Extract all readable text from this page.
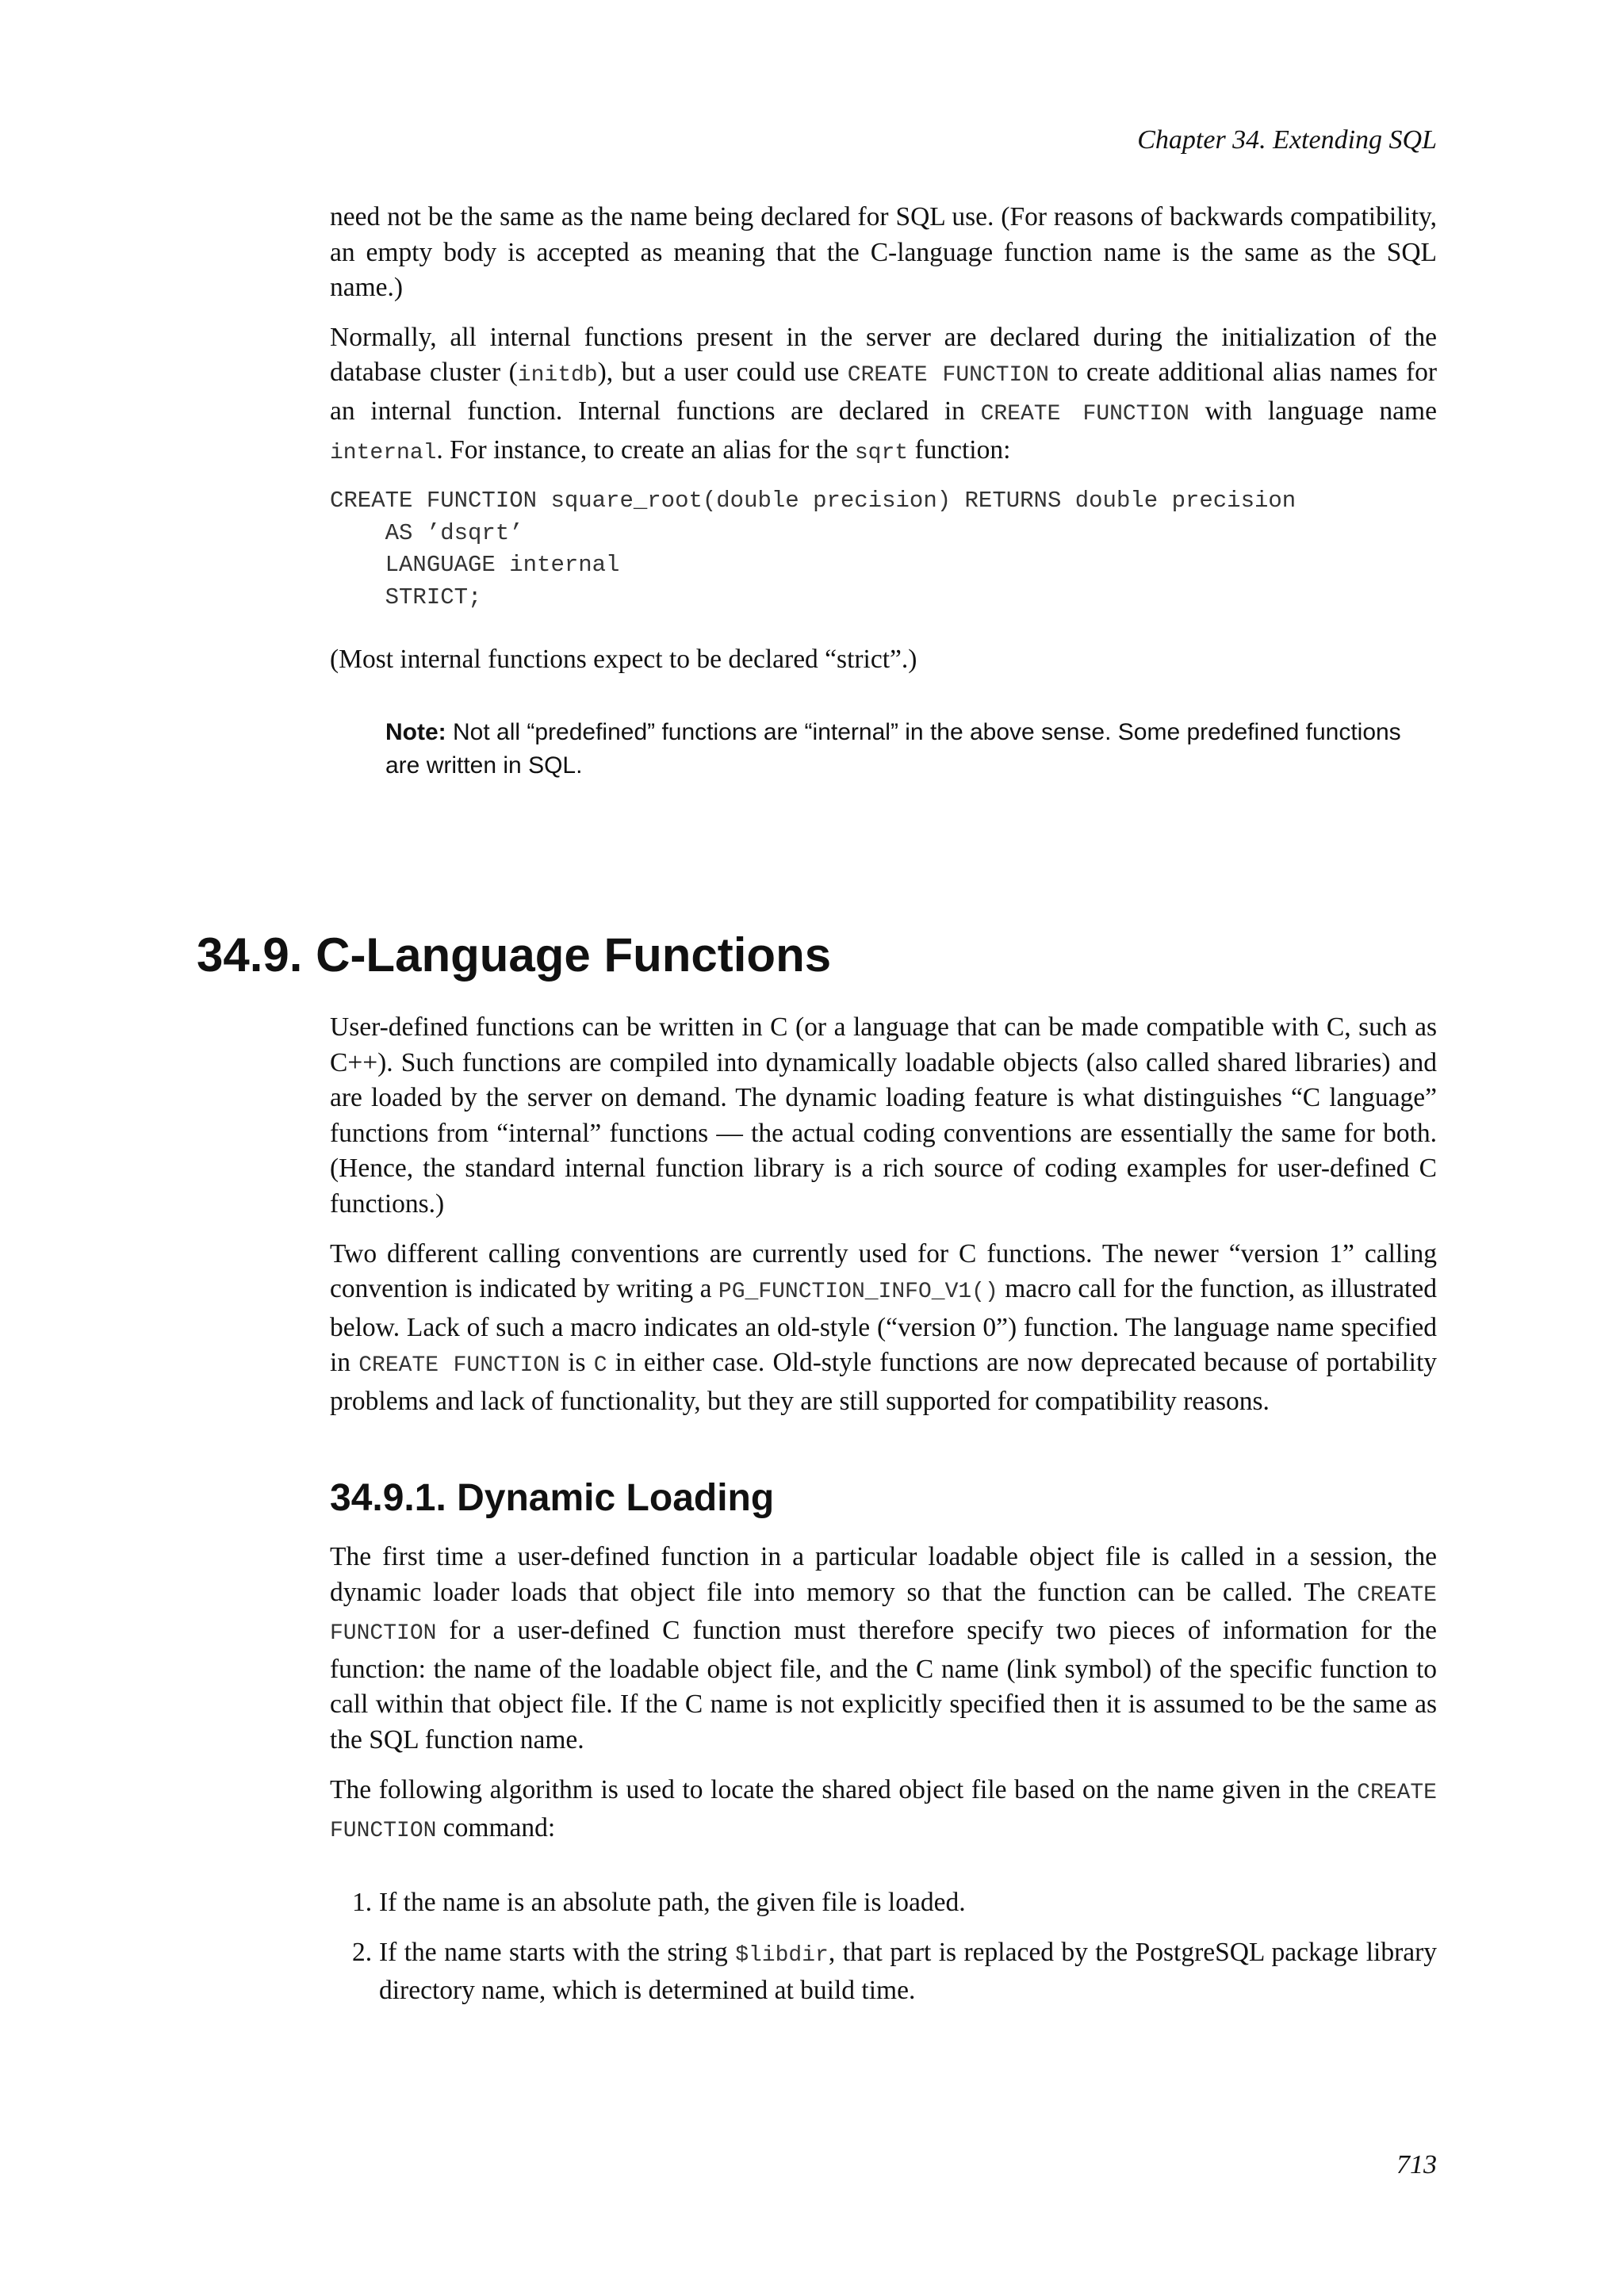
Chapter 34. Extending SQL

need not be the same as the name being declared for SQL use. (For reasons of backwards compatibility, an empty body is accepted as meaning that the C-language function name is the same as the SQL name.)

Normally, all internal functions present in the server are declared during the initialization of the database cluster (initdb), but a user could use CREATE FUNCTION to create additional alias names for an internal function. Internal functions are declared in CREATE FUNCTION with language name internal. For instance, to create an alias for the sqrt function:

CREATE FUNCTION square_root(double precision) RETURNS double precision
AS ’dsqrt’
LANGUAGE internal
STRICT;

(Most internal functions expect to be declared “strict”.)

Note: Not all “predefined” functions are “internal” in the above sense. Some predefined functions are written in SQL.
34.9. C-Language Functions

User-defined functions can be written in C (or a language that can be made compatible with C, such as C++). Such functions are compiled into dynamically loadable objects (also called shared libraries) and are loaded by the server on demand. The dynamic loading feature is what distinguishes “C language” functions from “internal” functions — the actual coding conventions are essentially the same for both. (Hence, the standard internal function library is a rich source of coding examples for user-defined C functions.)

Two different calling conventions are currently used for C functions. The newer “version 1” calling convention is indicated by writing a PG_FUNCTION_INFO_V1() macro call for the function, as illustrated below. Lack of such a macro indicates an old-style (“version 0”) function. The language name specified in CREATE FUNCTION is C in either case. Old-style functions are now deprecated because of portability problems and lack of functionality, but they are still supported for compatibility reasons.

34.9.1. Dynamic Loading

The first time a user-defined function in a particular loadable object file is called in a session, the dynamic loader loads that object file into memory so that the function can be called. The CREATE FUNCTION for a user-defined C function must therefore specify two pieces of information for the function: the name of the loadable object file, and the C name (link symbol) of the specific function to call within that object file. If the C name is not explicitly specified then it is assumed to be the same as the SQL function name.

The following algorithm is used to locate the shared object file based on the name given in the CREATE FUNCTION command:

1. If the name is an absolute path, the given file is loaded.
2. If the name starts with the string $libdir, that part is replaced by the PostgreSQL package library directory name, which is determined at build time.
713
